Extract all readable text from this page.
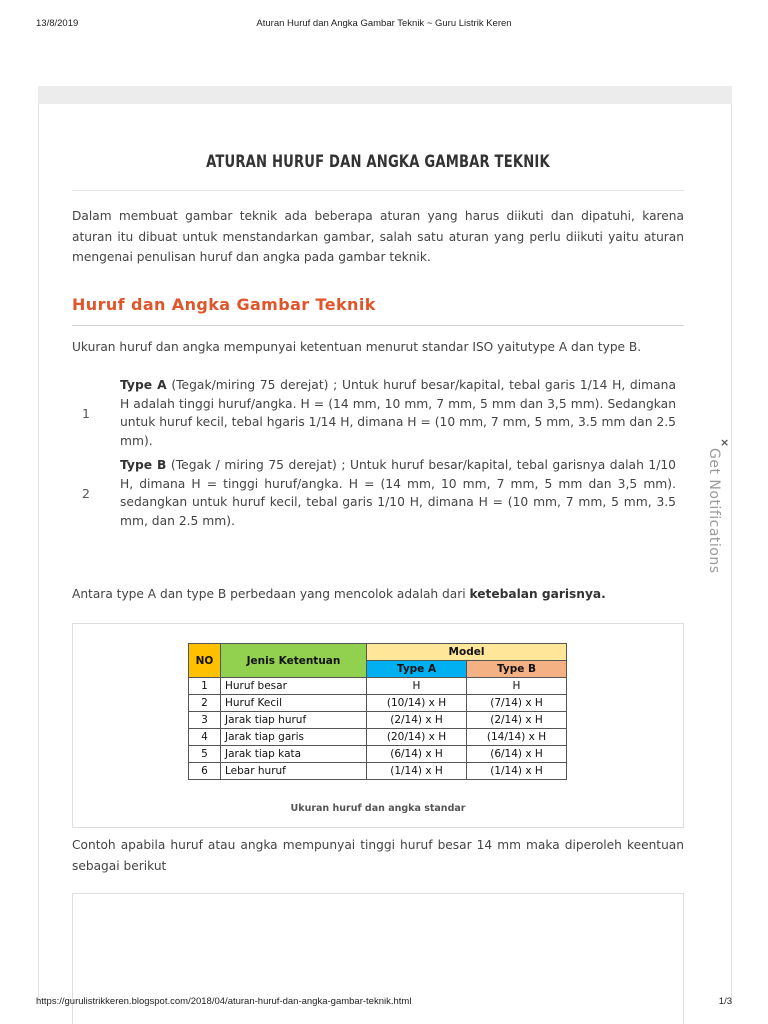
13/8/2019	Aturan Huruf dan Angka Gambar Teknik ~ Guru Listrik Keren
ATURAN HURUF DAN ANGKA GAMBAR TEKNIK

Dalam membuat gambar teknik ada beberapa aturan yang harus diikuti dan dipatuhi, karena aturan itu dibuat untuk menstandarkan gambar, salah satu aturan yang perlu diikuti yaitu aturan mengenai penulisan huruf dan angka pada gambar teknik.

Huruf dan Angka Gambar Teknik

Ukuran huruf dan angka mempunyai ketentuan menurut standar ISO yaitutype A dan type B.

1
Type A (Tegak/miring 75 derejat) ; Untuk huruf besar/kapital, tebal garis 1/14 H, dimana H adalah tinggi huruf/angka. H = (14 mm, 10 mm, 7 mm, 5 mm dan 3,5 mm). Sedangkan untuk huruf kecil, tebal hgaris 1/14 H, dimana H = (10 mm, 7 mm, 5 mm, 3.5 mm dan 2.5 mm).
2
Type B (Tegak / miring 75 derejat) ; Untuk huruf besar/kapital, tebal garisnya dalah 1/10 H, dimana H = tinggi huruf/angka. H = (14 mm, 10 mm, 7 mm, 5 mm dan 3,5 mm). sedangkan untuk huruf kecil, tebal garis 1/10 H, dimana H = (10 mm, 7 mm, 5 mm, 3.5 mm, dan 2.5 mm).

Antara type A dan type B perbedaan yang mencolok adalah dari ketebalan garisnya.

NO	Jenis Ketentuan	Model	
		Type A	Type B
1	Huruf besar	H	H
2	Huruf Kecil	(10/14) x H	(7/14) x H
3	Jarak tiap huruf	(2/14) x H	(2/14) x H
4	Jarak tiap garis	(20/14) x H	(14/14) x H
5	Jarak tiap kata	(6/14) x H	(6/14) x H
6	Lebar huruf	(1/14) x H	(1/14) x H
Ukuran huruf dan angka standar

Contoh apabila huruf atau angka mempunyai tinggi huruf besar 14 mm maka diperoleh keentuan sebagai berikut

×
Get Notifications
https://gurulistrikkeren.blogspot.com/2018/04/aturan-huruf-dan-angka-gambar-teknik.html	1/3
